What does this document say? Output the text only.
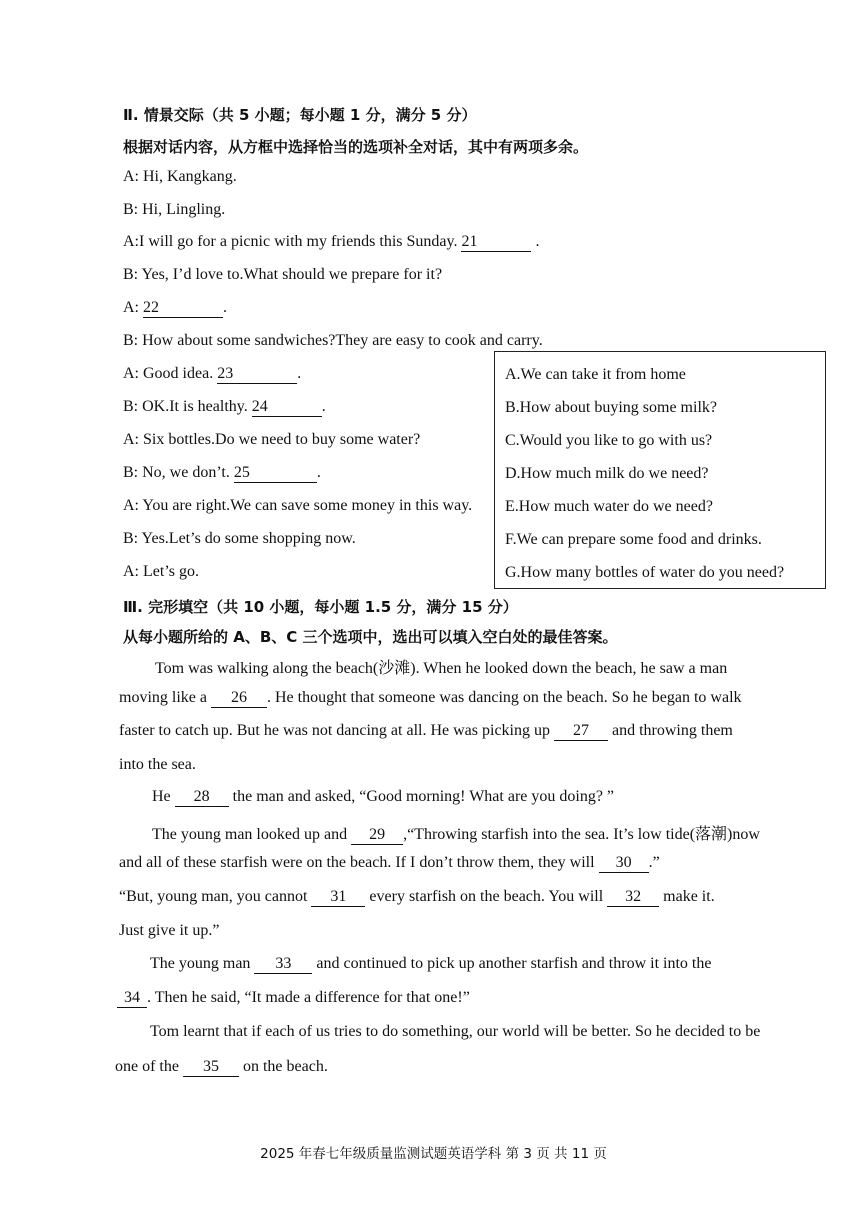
Ⅱ. 情景交际（共 5 小题；每小题 1 分，满分 5 分）
根据对话内容，从方框中选择恰当的选项补全对话，其中有两项多余。
A: Hi, Kangkang.
B: Hi, Lingling.
A:I will go for a picnic with my friends this Sunday. 21	.
B: Yes, I’d love to.What should we prepare for it?
A: 22	.
B: How about some sandwiches?They are easy to cook and carry.
A: Good idea. 23	.
B: OK.It is healthy. 24	.
A: Six bottles.Do we need to buy some water?
B: No, we don’t. 25	.
A: You are right.We can save some money in this way.
B: Yes.Let’s do some shopping now.
A: Let’s go.
A.We can take it from home
B.How about buying some milk?
C.Would you like to go with us?
D.How much milk do we need?
E.How much water do we need?
F.We can prepare some food and drinks.
G.How many bottles of water do you need?
Ⅲ. 完形填空（共 10 小题，每小题 1.5 分，满分 15 分）
从每小题所给的 A、B、C 三个选项中，选出可以填入空白处的最佳答案。
Tom was walking along the beach(沙滩). When he looked down the beach, he saw a man
moving like a 26 . He thought that someone was dancing on the beach. So he began to walk
faster to catch up. But he was not dancing at all. He was picking up 27 and throwing them
into the sea.
He 28 the man and asked, “Good morning! What are you doing? ”
The young man looked up and 29 ,“Throwing starfish into the sea. It’s low tide(落潮)now
and all of these starfish were on the beach. If I don’t throw them, they will 30 .”
“But, young man, you cannot 31 every starfish on the beach. You will 32 make it.
Just give it up.”
The young man 33 and continued to pick up another starfish and throw it into the
34 . Then he said, “It made a difference for that one!”
Tom learnt that if each of us tries to do something, our world will be better. So he decided to be
one of the 35 on the beach.
2025 年春七年级质量监测试题英语学科 第 3 页 共 11 页
